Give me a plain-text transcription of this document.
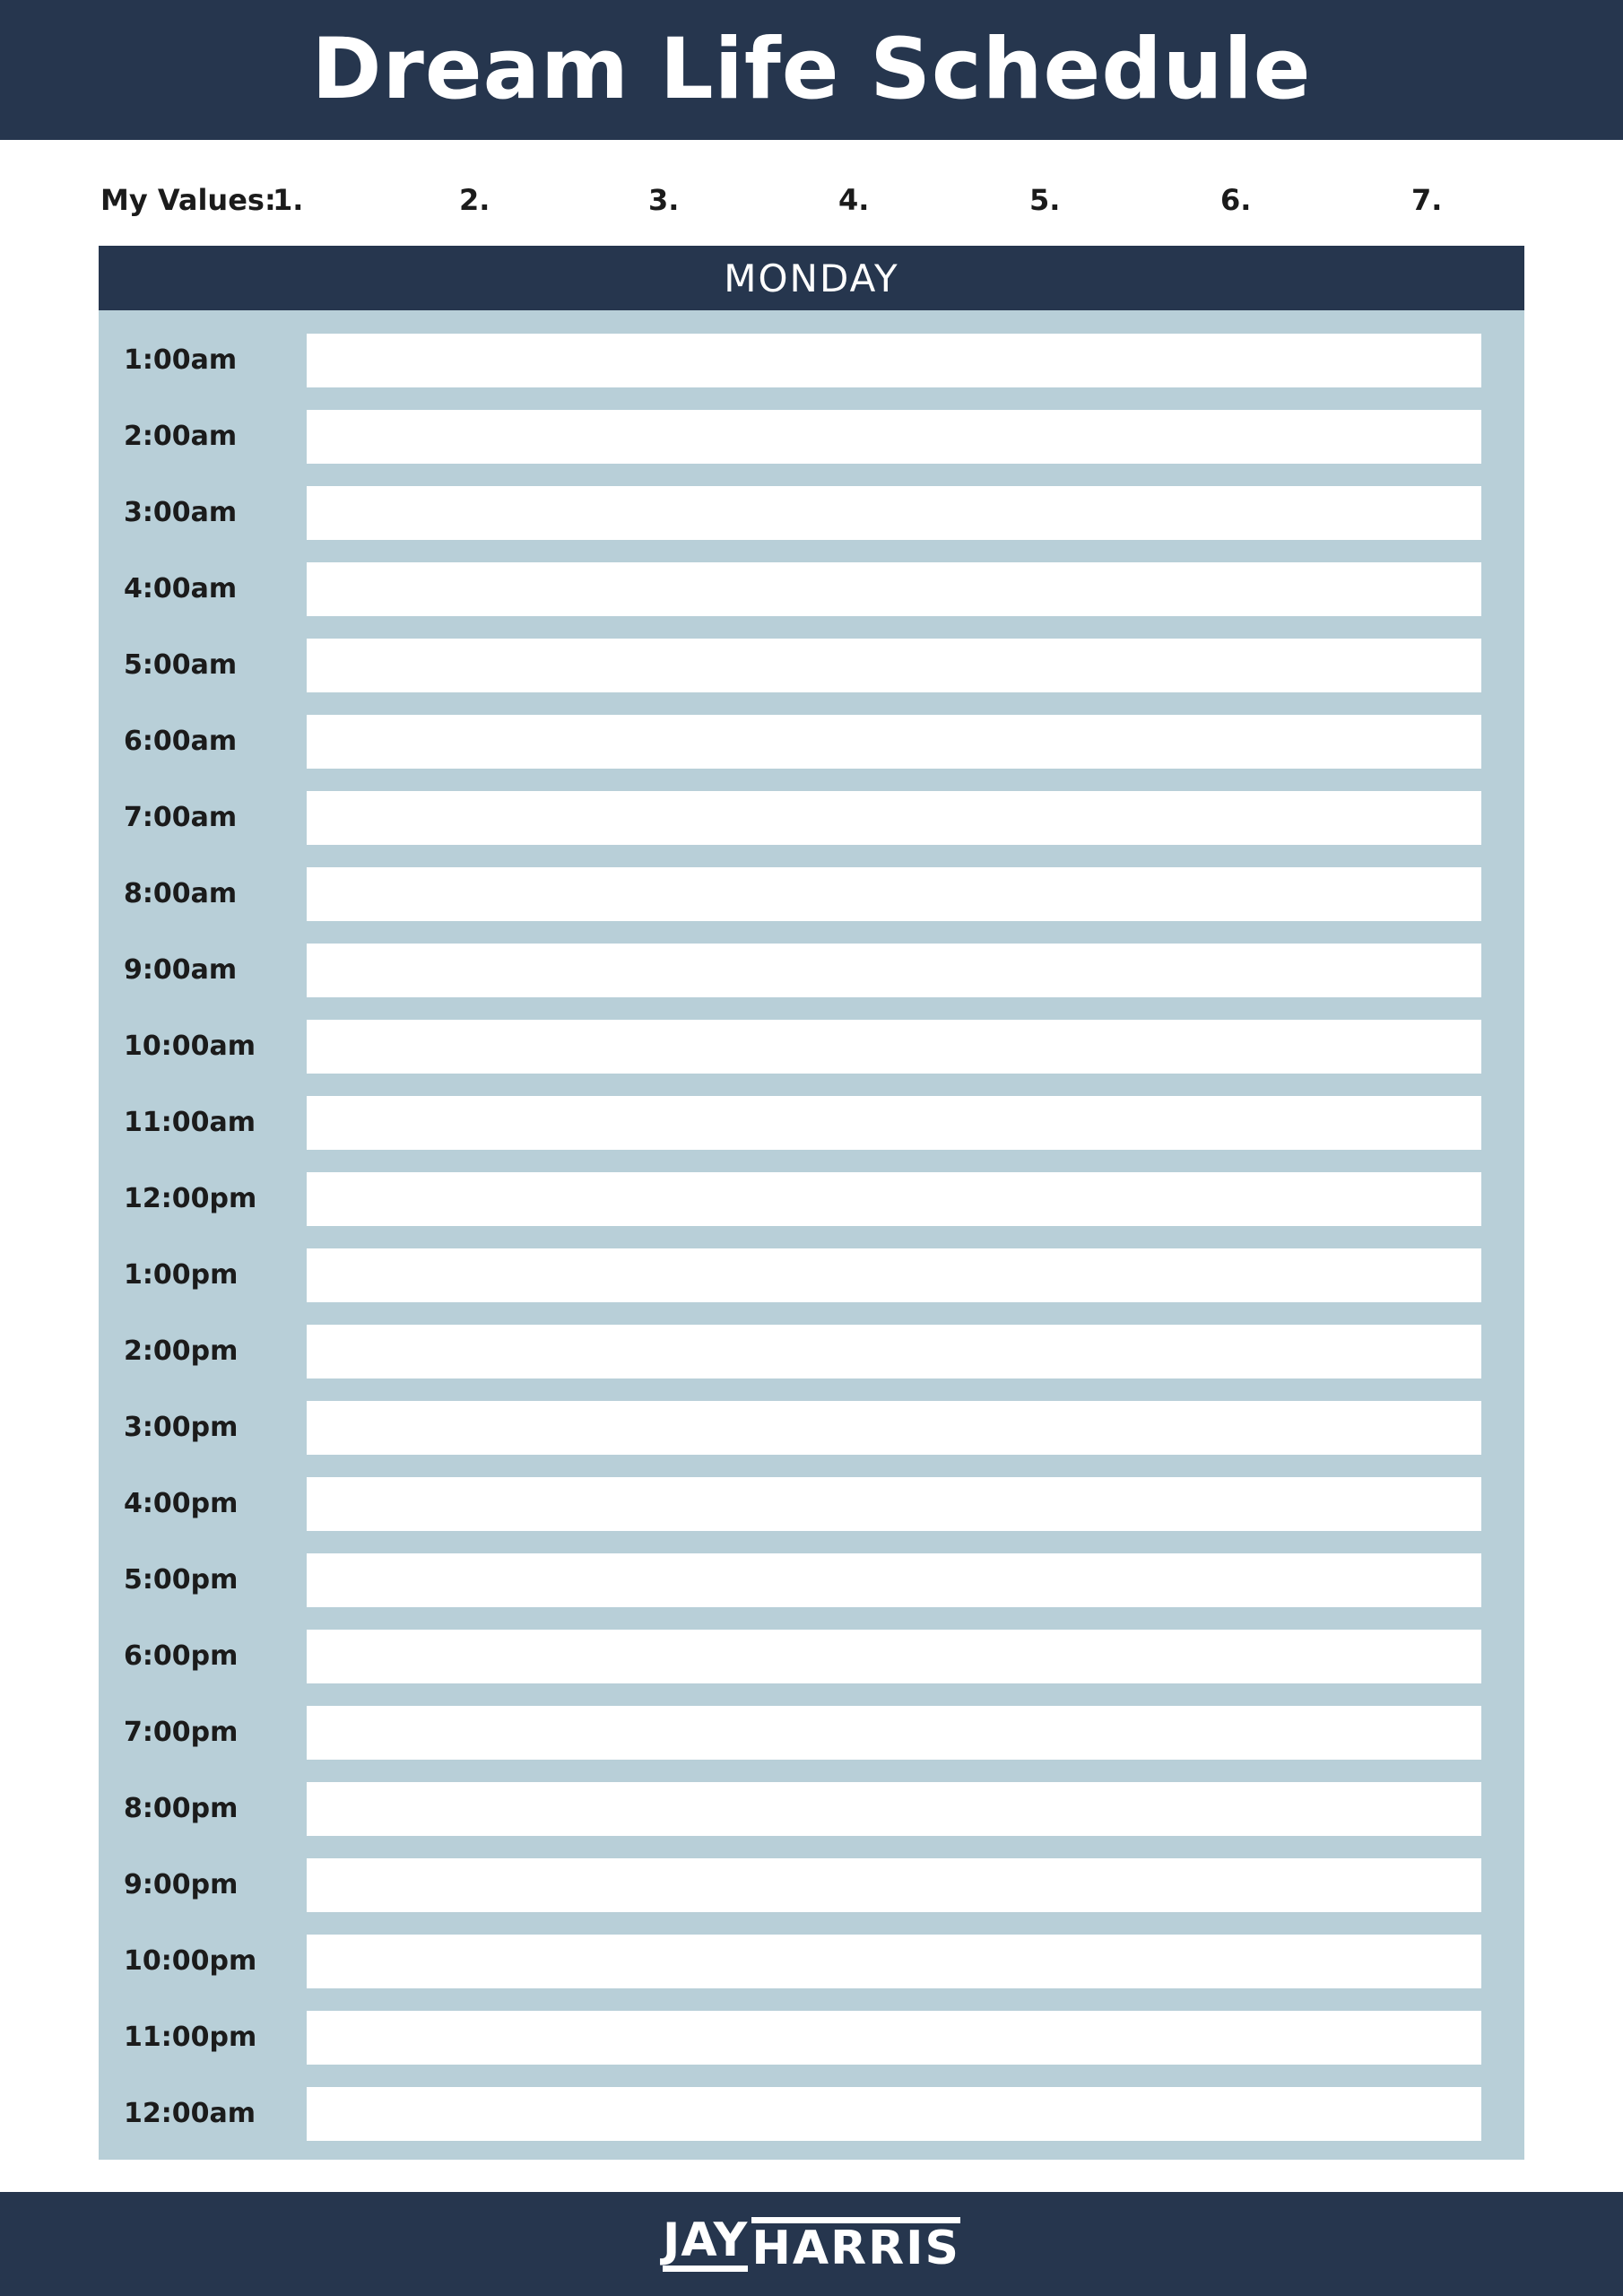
Dream Life Schedule
My Values:
1.	2.	3.	4.	5.	6.	7.
MONDAY
1:00am
2:00am
3:00am
4:00am
5:00am
6:00am
7:00am
8:00am
9:00am
10:00am
11:00am
12:00pm
1:00pm
2:00pm
3:00pm
4:00pm
5:00pm
6:00pm
7:00pm
8:00pm
9:00pm
10:00pm
11:00pm
12:00am
JAY HARRIS
